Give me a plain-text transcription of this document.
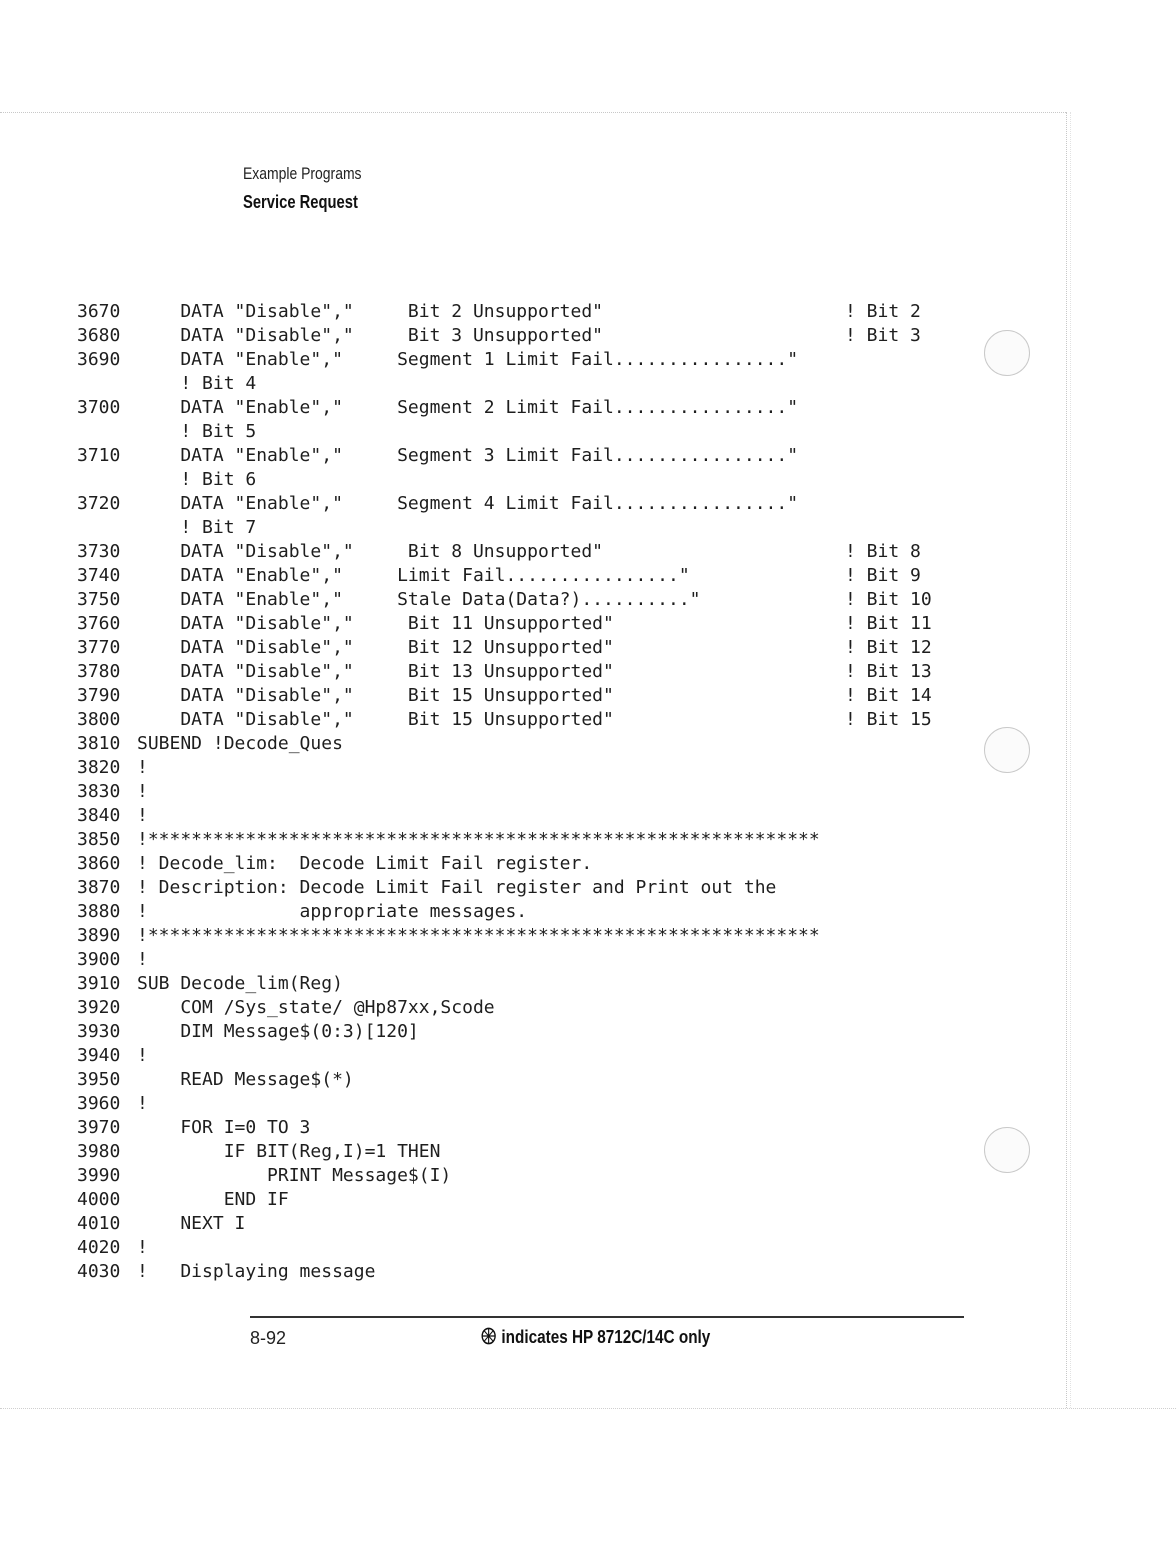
Example Programs
Service Request
3670 DATA "Disable","     Bit 2 Unsupported"	! Bit 2
3680 DATA "Disable","     Bit 3 Unsupported"	! Bit 3
3690 DATA "Enable","     Segment 1 Limit Fail................"
! Bit 4
3700 DATA "Enable","     Segment 2 Limit Fail................"
! Bit 5
3710 DATA "Enable","     Segment 3 Limit Fail................"
! Bit 6
3720 DATA "Enable","     Segment 4 Limit Fail................"
! Bit 7
3730 DATA "Disable","     Bit 8 Unsupported"	! Bit 8
3740 DATA "Enable","     Limit Fail................"	! Bit 9
3750 DATA "Enable","     Stale Data(Data?).........."	! Bit 10
3760 DATA "Disable","     Bit 11 Unsupported"	! Bit 11
3770 DATA "Disable","     Bit 12 Unsupported"	! Bit 12
3780 DATA "Disable","     Bit 13 Unsupported"	! Bit 13
3790 DATA "Disable","     Bit 15 Unsupported"	! Bit 14
3800 DATA "Disable","     Bit 15 Unsupported"	! Bit 15
3810 SUBEND !Decode_Ques
3820 !
3830 !
3840 !
3850 !**************************************************************
3860 ! Decode_lim:  Decode Limit Fail register.
3870 ! Description: Decode Limit Fail register and Print out the
3880 !              appropriate messages.
3890 !**************************************************************
3900 !
3910 SUB Decode_lim(Reg)
3920 COM /Sys_state/ @Hp87xx,Scode
3930 DIM Message$(0:3)[120]
3940 !
3950 READ Message$(*)
3960 !
3970 FOR I=0 TO 3
3980 IF BIT(Reg,I)=1 THEN
3990 PRINT Message$(I)
4000 END IF
4010 NEXT I
4020 !
4030 !   Displaying message
8-92	indicates HP 8712C/14C only
